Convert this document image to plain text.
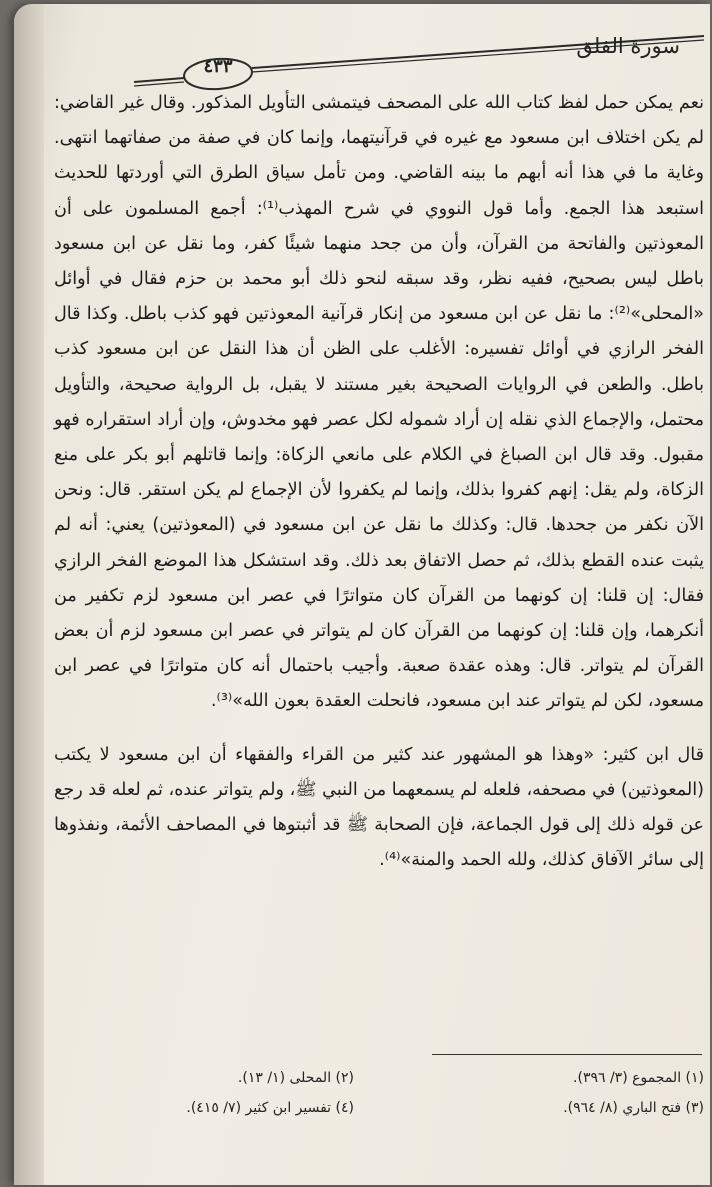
سورة الفلق
٤٣٣

نعم يمكن حمل لفظ كتاب الله على المصحف فيتمشى التأويل المذكور. وقال غير القاضي: لم يكن اختلاف ابن مسعود مع غيره في قرآنيتهما، وإنما كان في صفة من صفاتهما انتهى. وغاية ما في هذا أنه أبهم ما بينه القاضي. ومن تأمل سياق الطرق التي أوردتها للحديث استبعد هذا الجمع. وأما قول النووي في شرح المهذب⁽¹⁾: أجمع المسلمون على أن المعوذتين والفاتحة من القرآن، وأن من جحد منهما شيئًا كفر، وما نقل عن ابن مسعود باطل ليس بصحيح، ففيه نظر، وقد سبقه لنحو ذلك أبو محمد بن حزم فقال في أوائل «المحلى»⁽²⁾: ما نقل عن ابن مسعود من إنكار قرآنية المعوذتين فهو كذب باطل. وكذا قال الفخر الرازي في أوائل تفسيره: الأغلب على الظن أن هذا النقل عن ابن مسعود كذب باطل. والطعن في الروايات الصحيحة بغير مستند لا يقبل، بل الرواية صحيحة، والتأويل محتمل، والإجماع الذي نقله إن أراد شموله لكل عصر فهو مخدوش، وإن أراد استقراره فهو مقبول. وقد قال ابن الصباغ في الكلام على مانعي الزكاة: وإنما قاتلهم أبو بكر على منع الزكاة، ولم يقل: إنهم كفروا بذلك، وإنما لم يكفروا لأن الإجماع لم يكن استقر. قال: ونحن الآن نكفر من جحدها. قال: وكذلك ما نقل عن ابن مسعود في (المعوذتين) يعني: أنه لم يثبت عنده القطع بذلك، ثم حصل الاتفاق بعد ذلك. وقد استشكل هذا الموضع الفخر الرازي فقال: إن قلنا: إن كونهما من القرآن كان متواترًا في عصر ابن مسعود لزم تكفير من أنكرهما، وإن قلنا: إن كونهما من القرآن كان لم يتواتر في عصر ابن مسعود لزم أن بعض القرآن لم يتواتر. قال: وهذه عقدة صعبة. وأجيب باحتمال أنه كان متواترًا في عصر ابن مسعود، لكن لم يتواتر عند ابن مسعود، فانحلت العقدة بعون الله»⁽³⁾.

قال ابن كثير: «وهذا هو المشهور عند كثير من القراء والفقهاء أن ابن مسعود لا يكتب (المعوذتين) في مصحفه، فلعله لم يسمعهما من النبي ﷺ، ولم يتواتر عنده، ثم لعله قد رجع عن قوله ذلك إلى قول الجماعة، فإن الصحابة ﷺ قد أثبتوها في المصاحف الأئمة، ونفذوها إلى سائر الآفاق كذلك، ولله الحمد والمنة»⁽⁴⁾.

(١) المجموع (٣/ ٣٩٦).
(٢) المحلى (١/ ١٣).
(٣) فتح الباري (٨/ ٩٦٤).
(٤) تفسير ابن كثير (٧/ ٤١٥).
